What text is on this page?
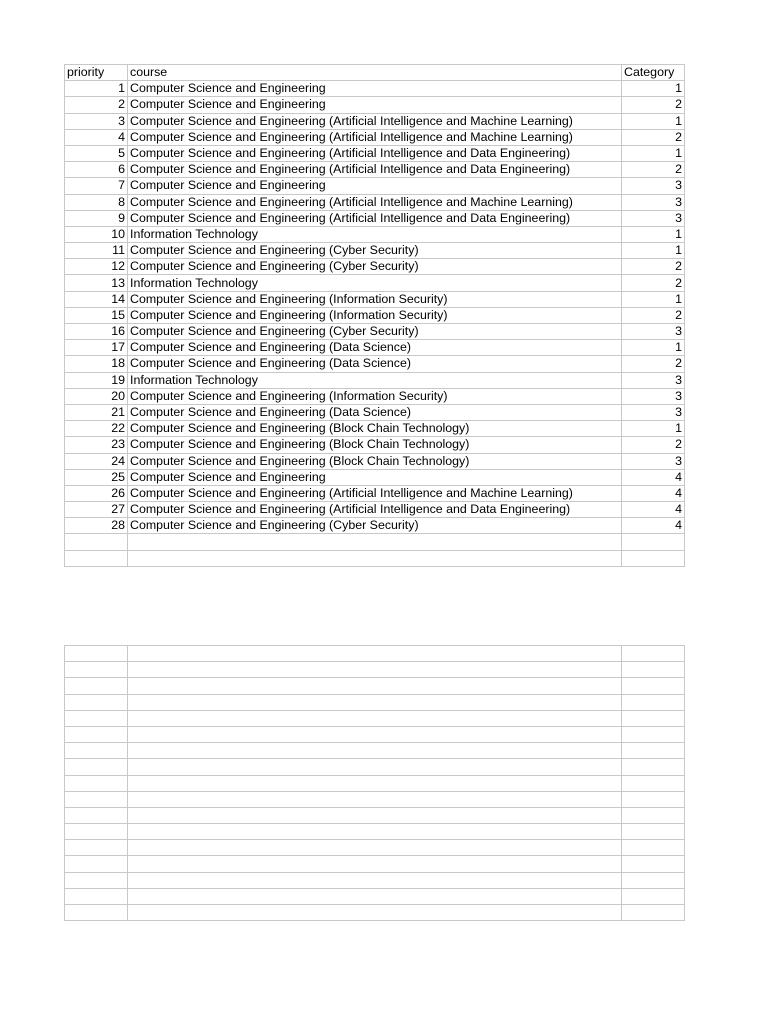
priority	course	Category
1	Computer Science and Engineering	1
2	Computer Science and Engineering	2
3	Computer Science and Engineering (Artificial Intelligence and Machine Learning)	1
4	Computer Science and Engineering (Artificial Intelligence and Machine Learning)	2
5	Computer Science and Engineering (Artificial Intelligence and Data Engineering)	1
6	Computer Science and Engineering (Artificial Intelligence and Data Engineering)	2
7	Computer Science and Engineering	3
8	Computer Science and Engineering (Artificial Intelligence and Machine Learning)	3
9	Computer Science and Engineering (Artificial Intelligence and Data Engineering)	3
10	Information Technology	1
11	Computer Science and Engineering (Cyber Security)	1
12	Computer Science and Engineering (Cyber Security)	2
13	Information Technology	2
14	Computer Science and Engineering (Information Security)	1
15	Computer Science and Engineering (Information Security)	2
16	Computer Science and Engineering (Cyber Security)	3
17	Computer Science and Engineering (Data Science)	1
18	Computer Science and Engineering (Data Science)	2
19	Information Technology	3
20	Computer Science and Engineering (Information Security)	3
21	Computer Science and Engineering (Data Science)	3
22	Computer Science and Engineering (Block Chain Technology)	1
23	Computer Science and Engineering (Block Chain Technology)	2
24	Computer Science and Engineering (Block Chain Technology)	3
25	Computer Science and Engineering	4
26	Computer Science and Engineering (Artificial Intelligence and Machine Learning)	4
27	Computer Science and Engineering (Artificial Intelligence and Data Engineering)	4
28	Computer Science and Engineering (Cyber Security)	4
